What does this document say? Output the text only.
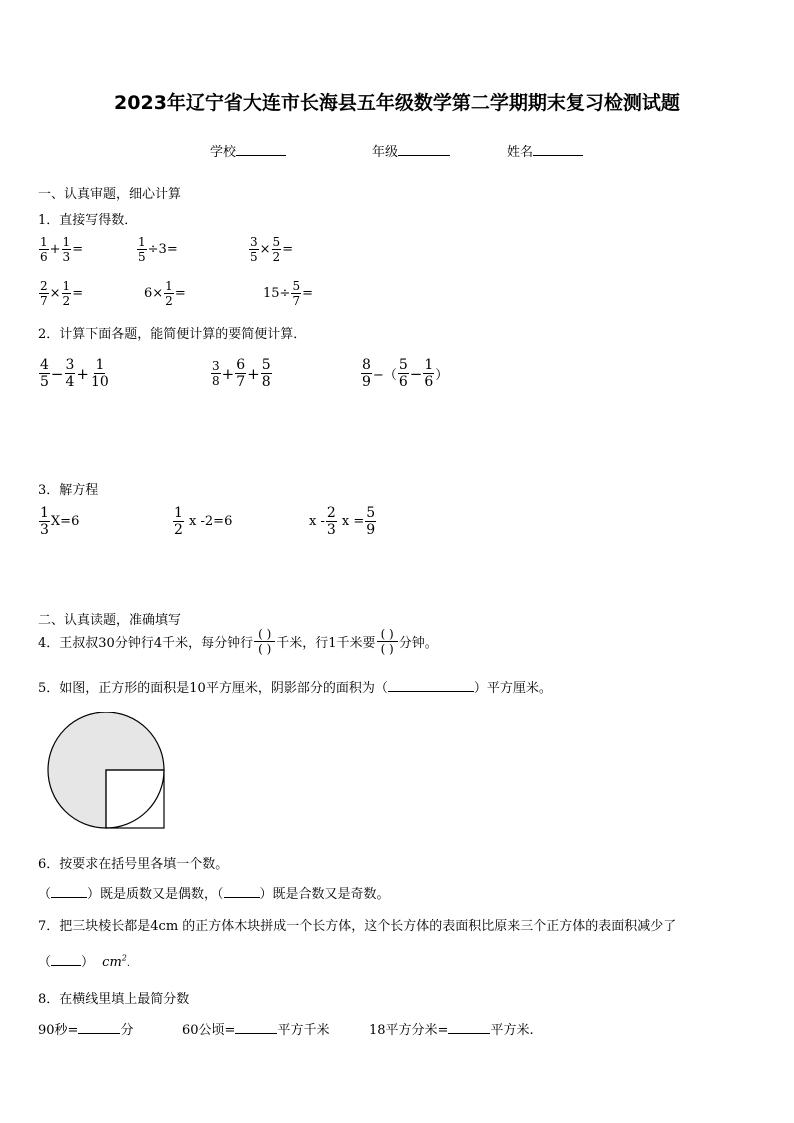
2023年辽宁省大连市长海县五年级数学第二学期期末复习检测试题
学校	年级	姓名
一、认真审题，细心计算
1．直接写得数．
$\frac{1}{6} + \frac{1}{3}$ =	$\frac{1}{5} \div 3$ =	$\frac{3}{5} \times \frac{5}{2}$ =
$\frac{2}{7} \times \frac{1}{2}$ =	$6\times \frac{1}{2}$ =	$15\div \frac{5}{7}$ =
2．计算下面各题，能简便计算的要简便计算．
$\frac{4}{5} - \frac{3}{4} + \frac{1}{10}$	$\frac{3}{8} + \frac{6}{7} + \frac{5}{8}$	$\frac{8}{9}$ −（ $\frac{5}{6} - \frac{1}{6}$ ）
3．解方程
$\frac{1}{3} X=6$	$\frac{1}{2}$ x -2=6	x - $\frac{2}{3}$ $x = \frac{5}{9}$
二、认真读题，准确填写
4．王叔叔30分钟行4千米，每分钟行 $\frac{( )}{( )}$ 千米，行1千米要 $\frac{( )}{( )}$ 分钟。
5．如图，正方形的面积是10平方厘米，阴影部分的面积为（	）平方厘米。
6．按要求在括号里各填一个数。
（	）既是质数又是偶数，（	）既是合数又是奇数。
7．把三块棱长都是4cm 的正方体木块拼成一个长方体，这个长方体的表面积比原来三个正方体的表面积减少了
（ ） $cm^2$.
8．在横线里填上最简分数
90秒=	分	60公顷=	平方千米	18平方分米=	平方米.
